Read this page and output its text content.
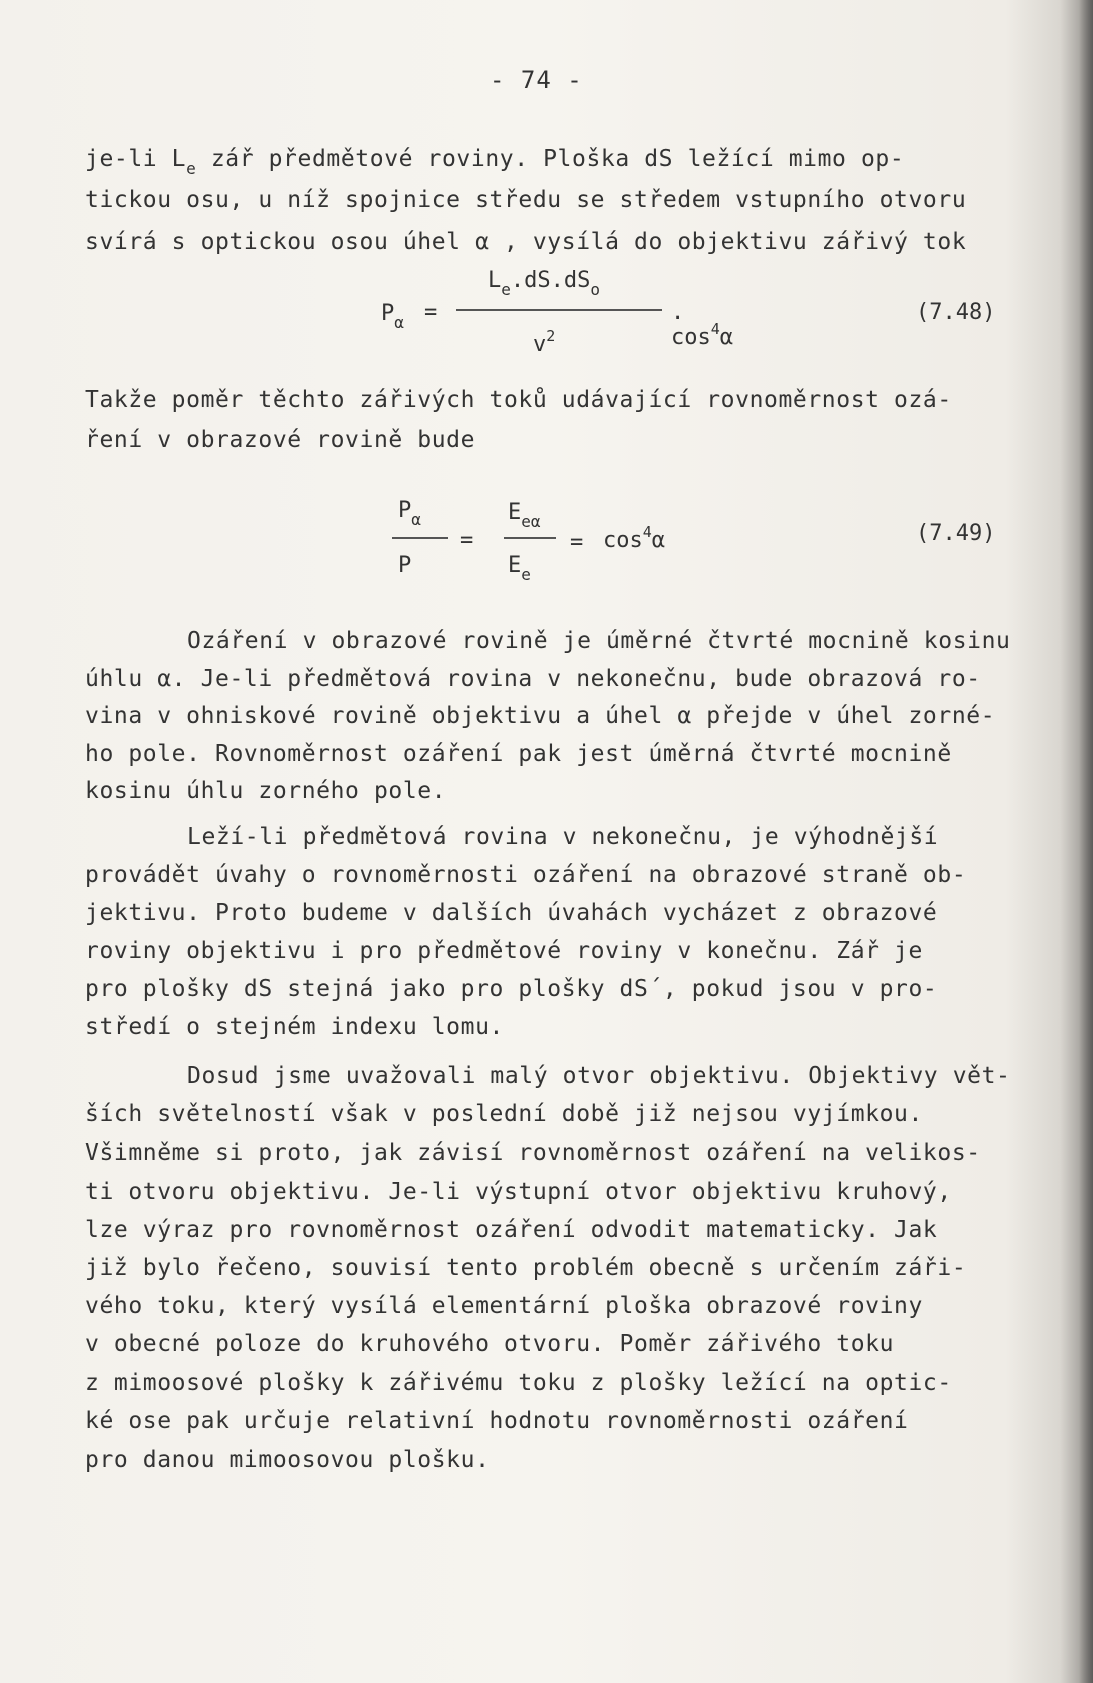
- 74 -
je-li $L_e$ zář předmětové roviny. Ploška dS ležící mimo op-
tickou osu, u níž spojnice středu se středem vstupního otvoru
svírá s optickou osou úhel α , vysílá do objektivu zářivý tok
$P_\alpha$ =
$L_e.dS.dS_o$
$v^2$
. $\cos^4\alpha$
(7.48)
Takže poměr těchto zářivých toků udávající rovnoměrnost ozá-
ření v obrazové rovině bude
$P_\alpha$
P
=
$E_{e\alpha}$
$E_e$
= $\cos^4\alpha$	(7.49)
Ozáření v obrazové rovině je úměrné čtvrté mocnině kosinu
úhlu α. Je-li předmětová rovina v nekonečnu, bude obrazová ro-
vina v ohniskové rovině objektivu a úhel α přejde v úhel zorné-
ho pole. Rovnoměrnost ozáření pak jest úměrná čtvrté mocnině
kosinu úhlu zorného pole.
Leží-li předmětová rovina v nekonečnu, je výhodnější
provádět úvahy o rovnoměrnosti ozáření na obrazové straně ob-
jektivu. Proto budeme v dalších úvahách vycházet z obrazové
roviny objektivu i pro předmětové roviny v konečnu. Zář je
pro plošky dS stejná jako pro plošky dS´, pokud jsou v pro-
středí o stejném indexu lomu.
Dosud jsme uvažovali malý otvor objektivu. Objektivy vět-
ších světelností však v poslední době již nejsou vyjímkou.
Všimněme si proto, jak závisí rovnoměrnost ozáření na velikos-
ti otvoru objektivu. Je-li výstupní otvor objektivu kruhový,
lze výraz pro rovnoměrnost ozáření odvodit matematicky. Jak
již bylo řečeno, souvisí tento problém obecně s určením záři-
vého toku, který vysílá elementární ploška obrazové roviny
v obecné poloze do kruhového otvoru. Poměr zářivého toku
z mimoosové plošky k zářivému toku z plošky ležící na optic-
ké ose pak určuje relativní hodnotu rovnoměrnosti ozáření
pro danou mimoosovou plošku.
